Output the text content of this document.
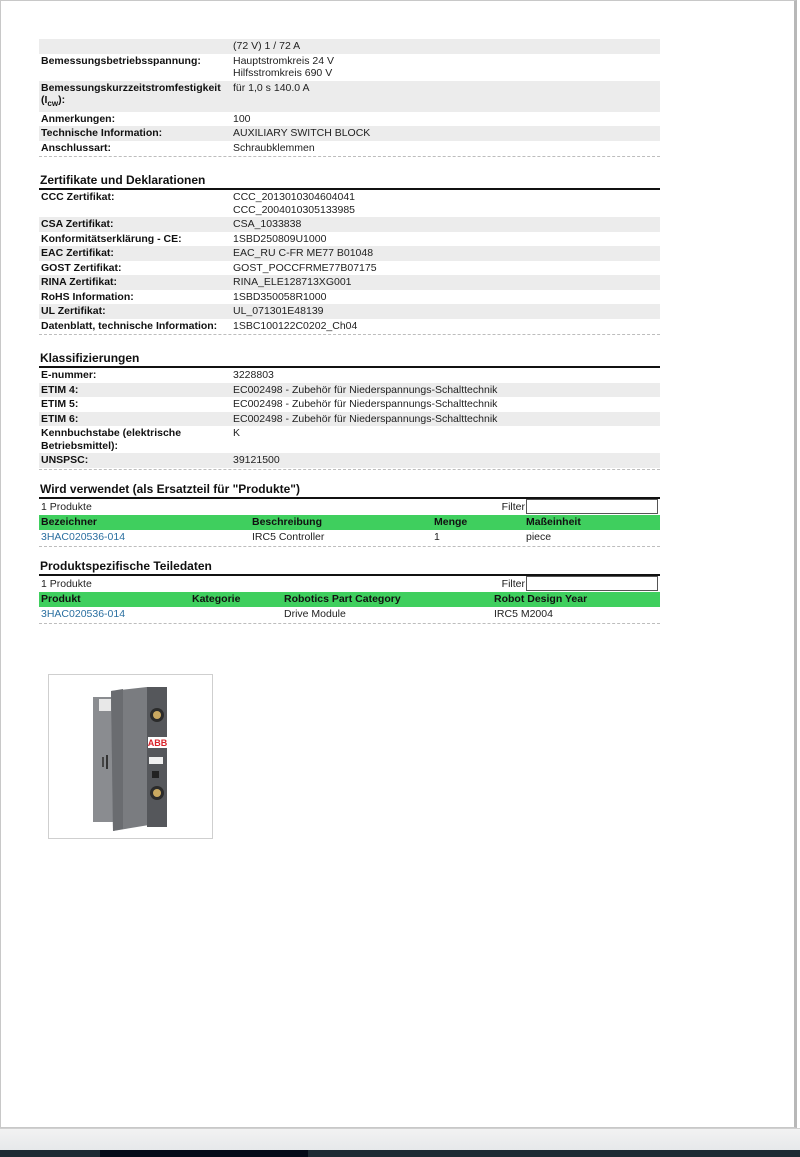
	(72 V) 1 / 72 A
Bemessungsbetriebsspannung:	Hauptstromkreis 24 V
Hilfsstromkreis 690 V

Bemessungskurzzeitstromfestigkeit
$(I_{cw})$:	für 1,0 s 140.0 A
Anmerkungen:	100
Technische Information:	AUXILIARY SWITCH BLOCK
Anschlussart:	Schraubklemmen
Zertifikate und Deklarationen
CCC Zertifikat:	CCC_2013010304604041
CCC_2004010305133985

CSA Zertifikat:	CSA_1033838
Konformitätserklärung - CE:	1SBD250809U1000
EAC Zertifikat:	EAC_RU C-FR ME77 B01048
GOST Zertifikat:	GOST_POCCFRME77B07175
RINA Zertifikat:	RINA_ELE128713XG001
RoHS Information:	1SBD350058R1000
UL Zertifikat:	UL_071301E48139
Datenblatt, technische Information:	1SBC100122C0202_Ch04
Klassifizierungen
E-nummer:	3228803
ETIM 4:	EC002498 - Zubehör für Niederspannungs-Schalttechnik
ETIM 5:	EC002498 - Zubehör für Niederspannungs-Schalttechnik
ETIM 6:	EC002498 - Zubehör für Niederspannungs-Schalttechnik

Kennbuchstabe (elektrische
Betriebsmittel):	K
UNSPSC:	39121500
Wird verwendet (als Ersatzteil für "Produkte")
1 Produkte	Filter
Bezeichner	Beschreibung	Menge	Maßeinheit
3HAC020536-014	IRC5 Controller	1	piece
Produktspezifische Teiledaten
1 Produkte	Filter
Produkt	Kategorie	Robotics Part Category	Robot Design Year
3HAC020536-014		Drive Module	IRC5 M2004
ABB
